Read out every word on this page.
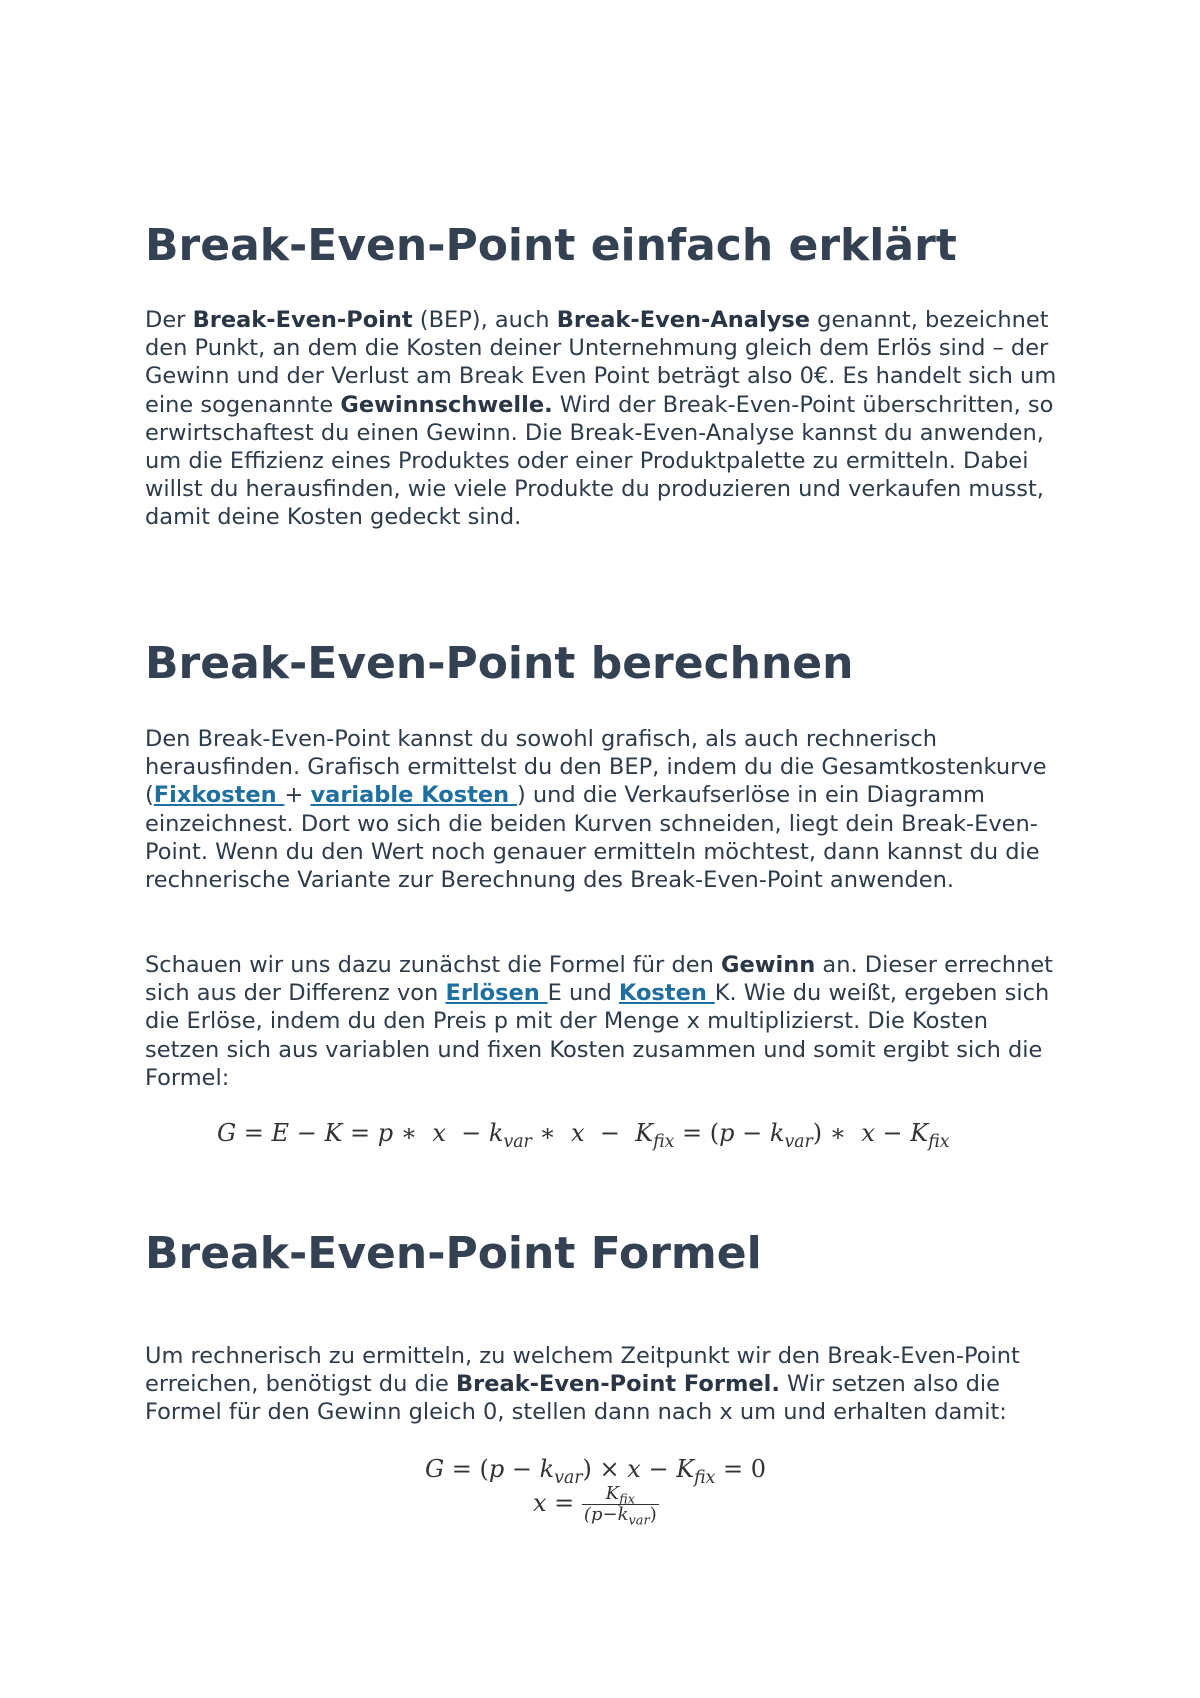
Break-Even-Point einfach erklärt

Der Break-Even-Point (BEP), auch Break-Even-Analyse genannt, bezeichnet den Punkt, an dem die Kosten deiner Unternehmung gleich dem Erlös sind – der Gewinn und der Verlust am Break Even Point beträgt also 0€. Es handelt sich um eine sogenannte Gewinnschwelle. Wird der Break-Even-Point überschritten, so erwirtschaftest du einen Gewinn. Die Break-Even-Analyse kannst du anwenden, um die Effizienz eines Produktes oder einer Produktpalette zu ermitteln. Dabei willst du herausfinden, wie viele Produkte du produzieren und verkaufen musst, damit deine Kosten gedeckt sind.

Break-Even-Point berechnen

Den Break-Even-Point kannst du sowohl grafisch, als auch rechnerisch herausfinden. Grafisch ermittelst du den BEP, indem du die Gesamtkostenkurve (Fixkosten + variable Kosten ) und die Verkaufserlöse in ein Diagramm einzeichnest. Dort wo sich die beiden Kurven schneiden, liegt dein Break-Even-Point. Wenn du den Wert noch genauer ermitteln möchtest, dann kannst du die rechnerische Variante zur Berechnung des Break-Even-Point anwenden.

Schauen wir uns dazu zunächst die Formel für den Gewinn an. Dieser errechnet sich aus der Differenz von Erlösen E und Kosten K. Wie du weißt, ergeben sich die Erlöse, indem du den Preis p mit der Menge x multiplizierst. Die Kosten setzen sich aus variablen und fixen Kosten zusammen und somit ergibt sich die Formel:

G = E − K = p ∗  $x - k_{var}$ ∗  $x - K_{fix} = (p - k_{var})$ ∗  $x - K_{fix}$
Break-Even-Point Formel

Um rechnerisch zu ermitteln, zu welchem Zeitpunkt wir den Break-Even-Point erreichen, benötigst du die Break-Even-Point Formel. Wir setzen also die Formel für den Gewinn gleich 0, stellen dann nach x um und erhalten damit:

$G = (p - k_{var}) \times x - K_{fix} = 0$
$x = \frac{K_{fix}}{(p-k_{var})}$
